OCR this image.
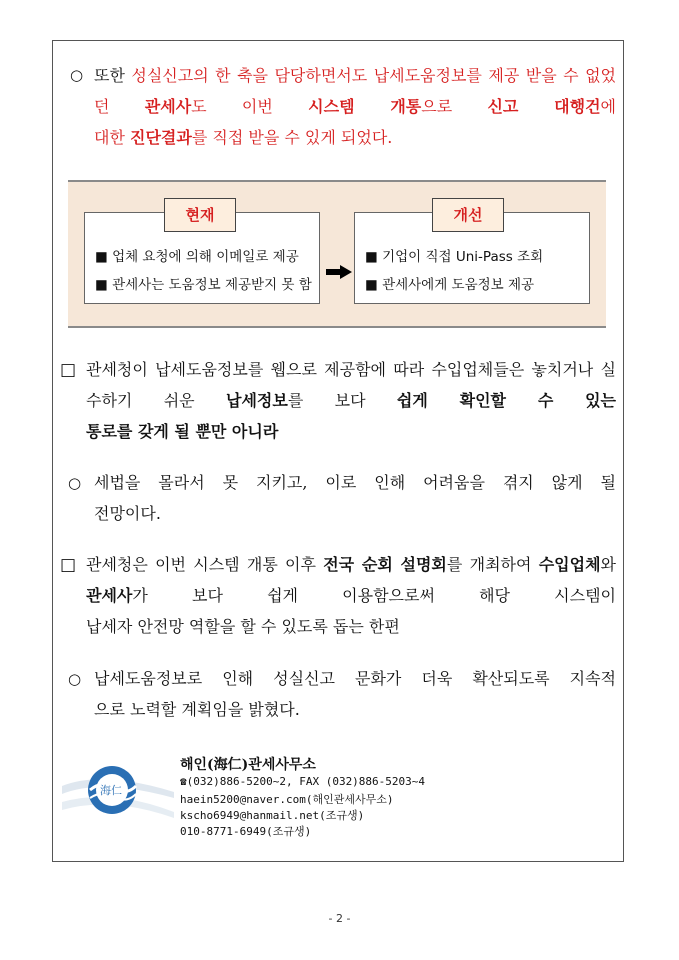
○ 또한 성실신고의 한 축을 담당하면서도 납세도움정보를 제공 받을 수 없었던 관세사도 이번 시스템 개통으로 신고 대행건에
대한 진단결과를 직접 받을 수 있게 되었다.
■ 업체 요청에 의해 이메일로 제공
■ 관세사는 도움정보 제공받지 못 함
현재
■ 기업이 직접 Uni-Pass 조회
■ 관세사에게 도움정보 제공
개선
□ 관세청이 납세도움정보를 웹으로 제공함에 따라 수입업체들은 놓치거나 실수하기 쉬운 납세정보를 보다 쉽게 확인할 수 있는
통로를 갖게 될 뿐만 아니라
○ 세법을 몰라서 못 지키고, 이로 인해 어려움을 겪지 않게 될
전망이다.
□ 관세청은 이번 시스템 개통 이후 전국 순회 설명회를 개최하여 수입업체와 관세사가 보다 쉽게 이용함으로써 해당 시스템이
납세자 안전망 역할을 할 수 있도록 돕는 한편
○ 납세도움정보로 인해 성실신고 문화가 더욱 확산되도록 지속적
으로 노력할 계획임을 밝혔다.
海仁
해인(海仁)관세사무소
☎(032)886-5200~2, FAX (032)886-5203~4
haein5200@naver.com(해인관세사무소)
kscho6949@hanmail.net(조규생)
010-8771-6949(조규생)
- 2 -
